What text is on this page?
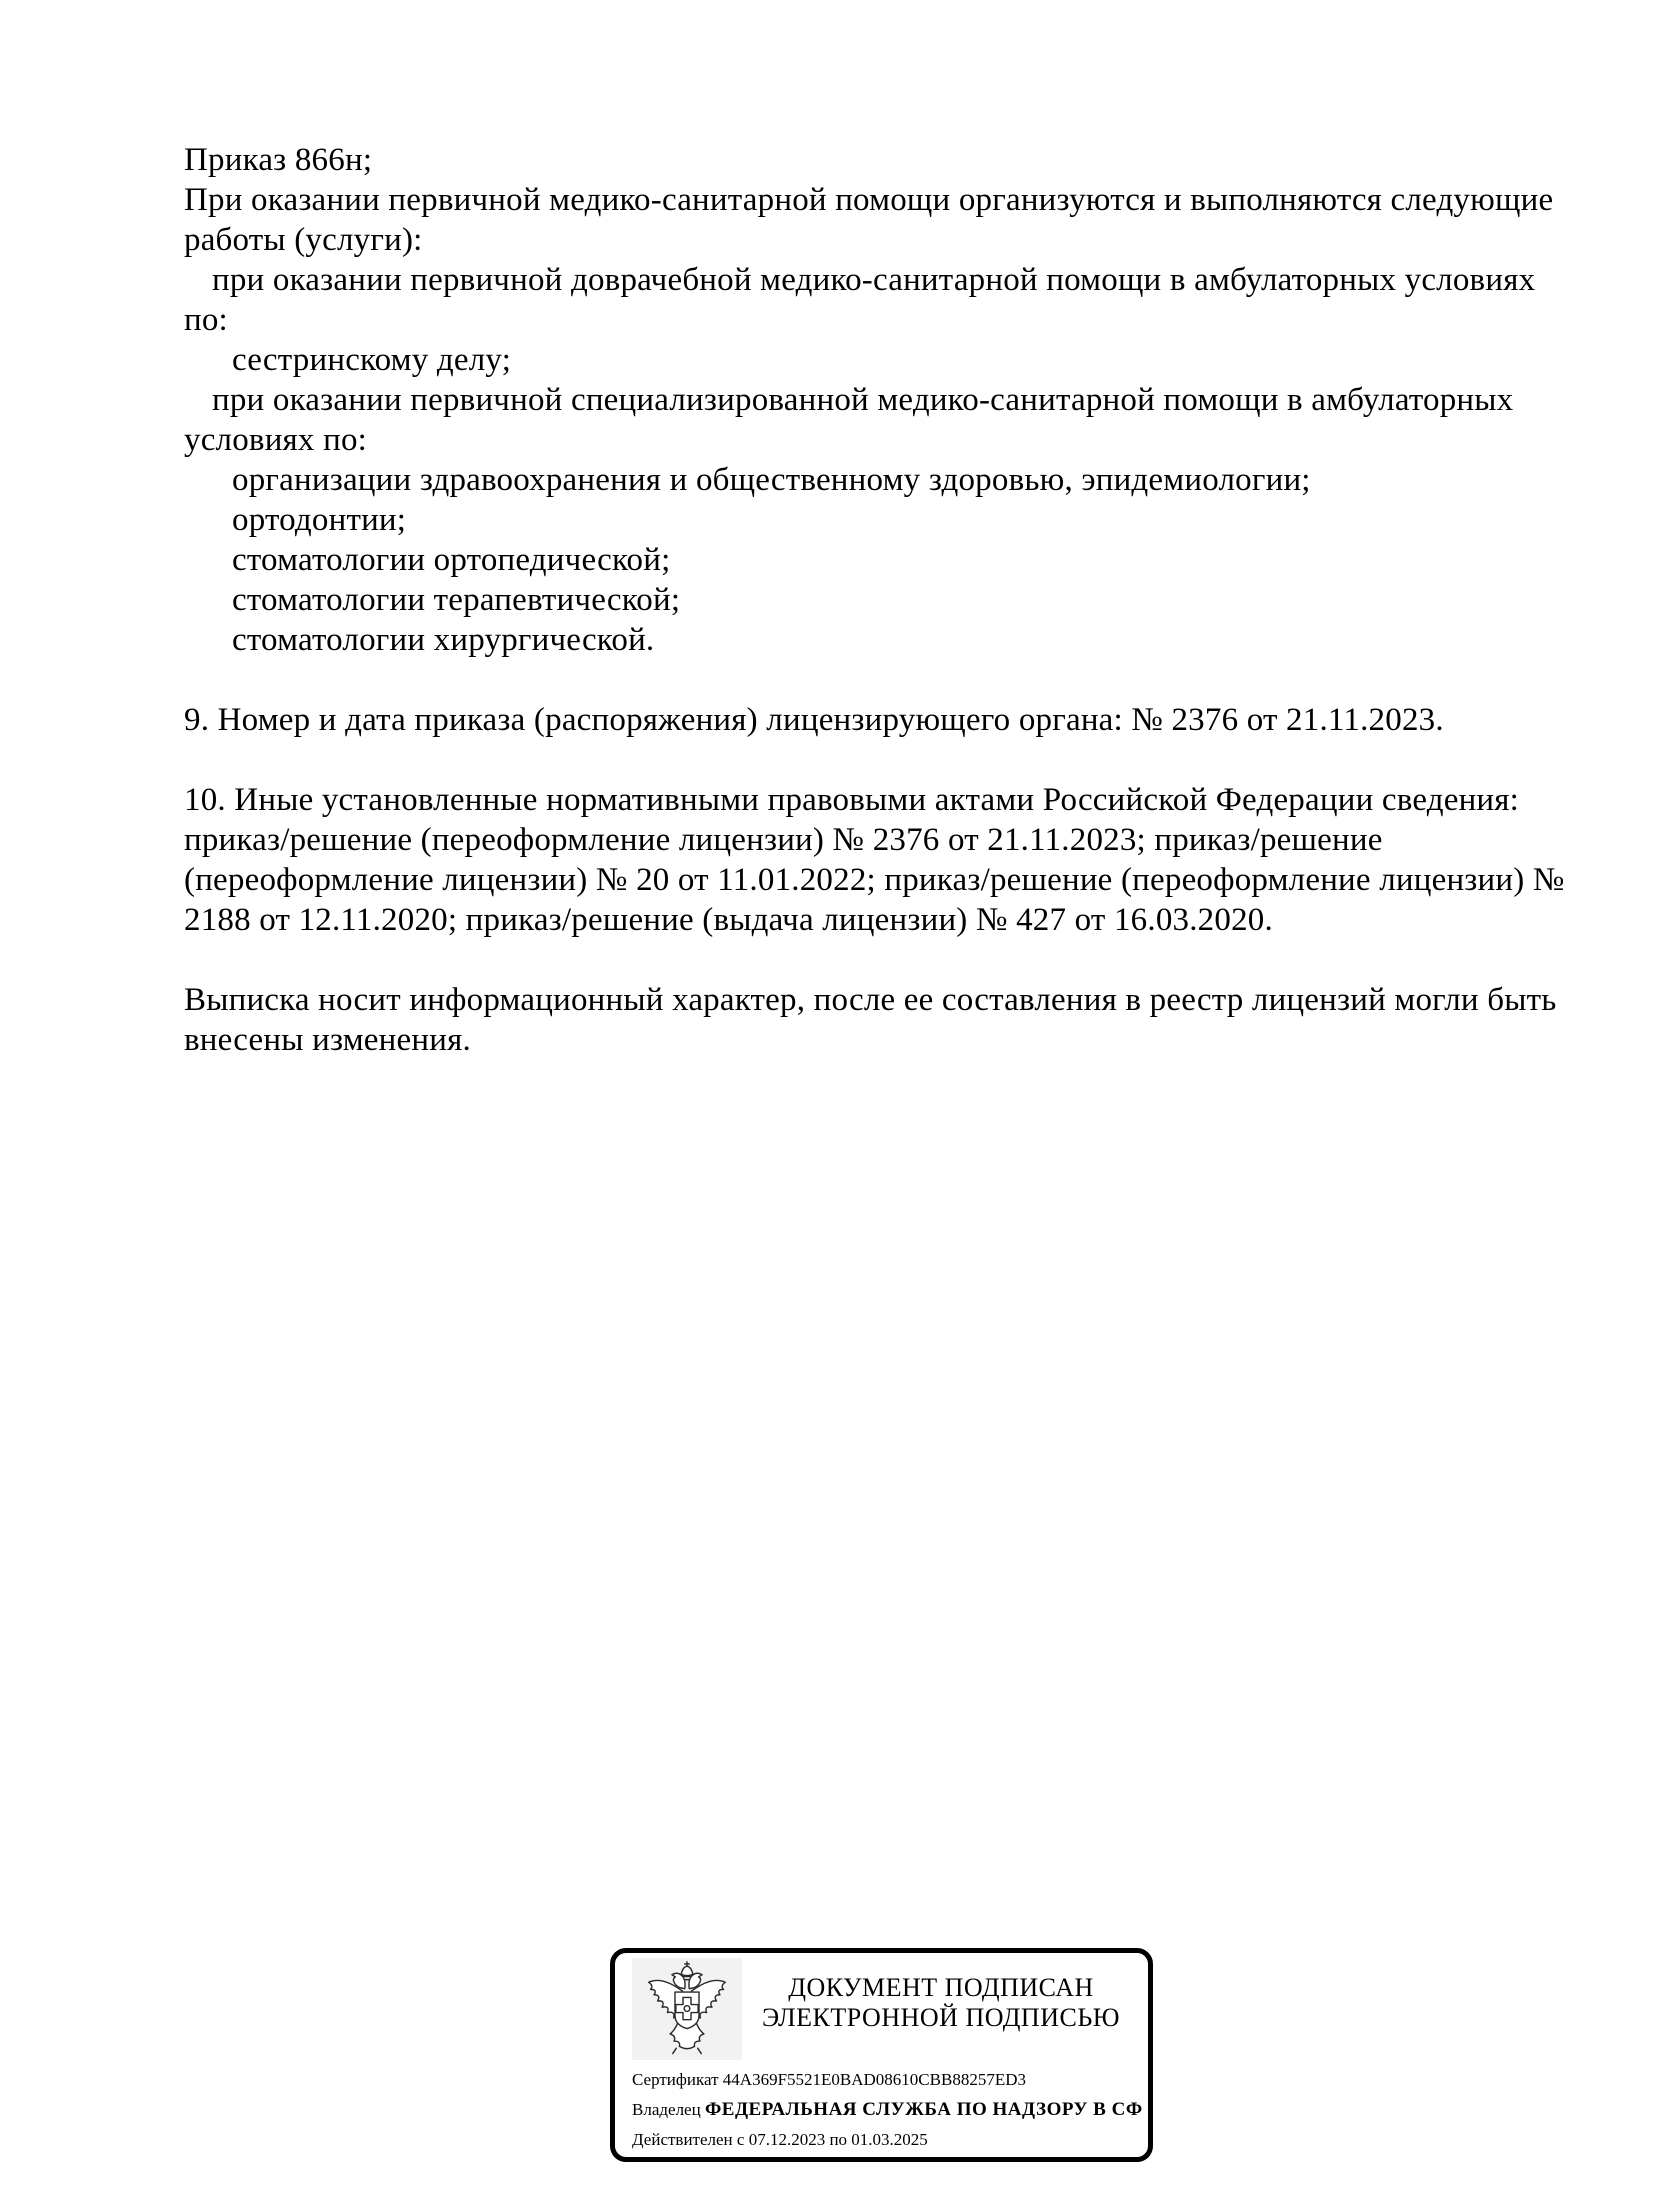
Приказ 866н;
При оказании первичной медико-санитарной помощи организуются и выполняются следующие
работы (услуги):
при оказании первичной доврачебной медико-санитарной помощи в амбулаторных условиях
по:
сестринскому делу;
при оказании первичной специализированной медико-санитарной помощи в амбулаторных
условиях по:
организации здравоохранения и общественному здоровью, эпидемиологии;
ортодонтии;
стоматологии ортопедической;
стоматологии терапевтической;
стоматологии хирургической.
9. Номер и дата приказа (распоряжения) лицензирующего органа: № 2376 от 21.11.2023.
10. Иные установленные нормативными правовыми актами Российской Федерации сведения:
приказ/решение (переоформление лицензии) № 2376 от 21.11.2023; приказ/решение
(переоформление лицензии) № 20 от 11.01.2022; приказ/решение (переоформление лицензии) №
2188 от 12.11.2020; приказ/решение (выдача лицензии) № 427 от 16.03.2020.
Выписка носит информационный характер, после ее составления в реестр лицензий могли быть
внесены изменения.
ДОКУМЕНТ ПОДПИСАН
ЭЛЕКТРОННОЙ ПОДПИСЬЮ
Сертификат 44A369F5521E0BAD08610CBB88257ED3
Владелец ФЕДЕРАЛЬНАЯ СЛУЖБА ПО НАДЗОРУ В СФ
Действителен с 07.12.2023 по 01.03.2025
